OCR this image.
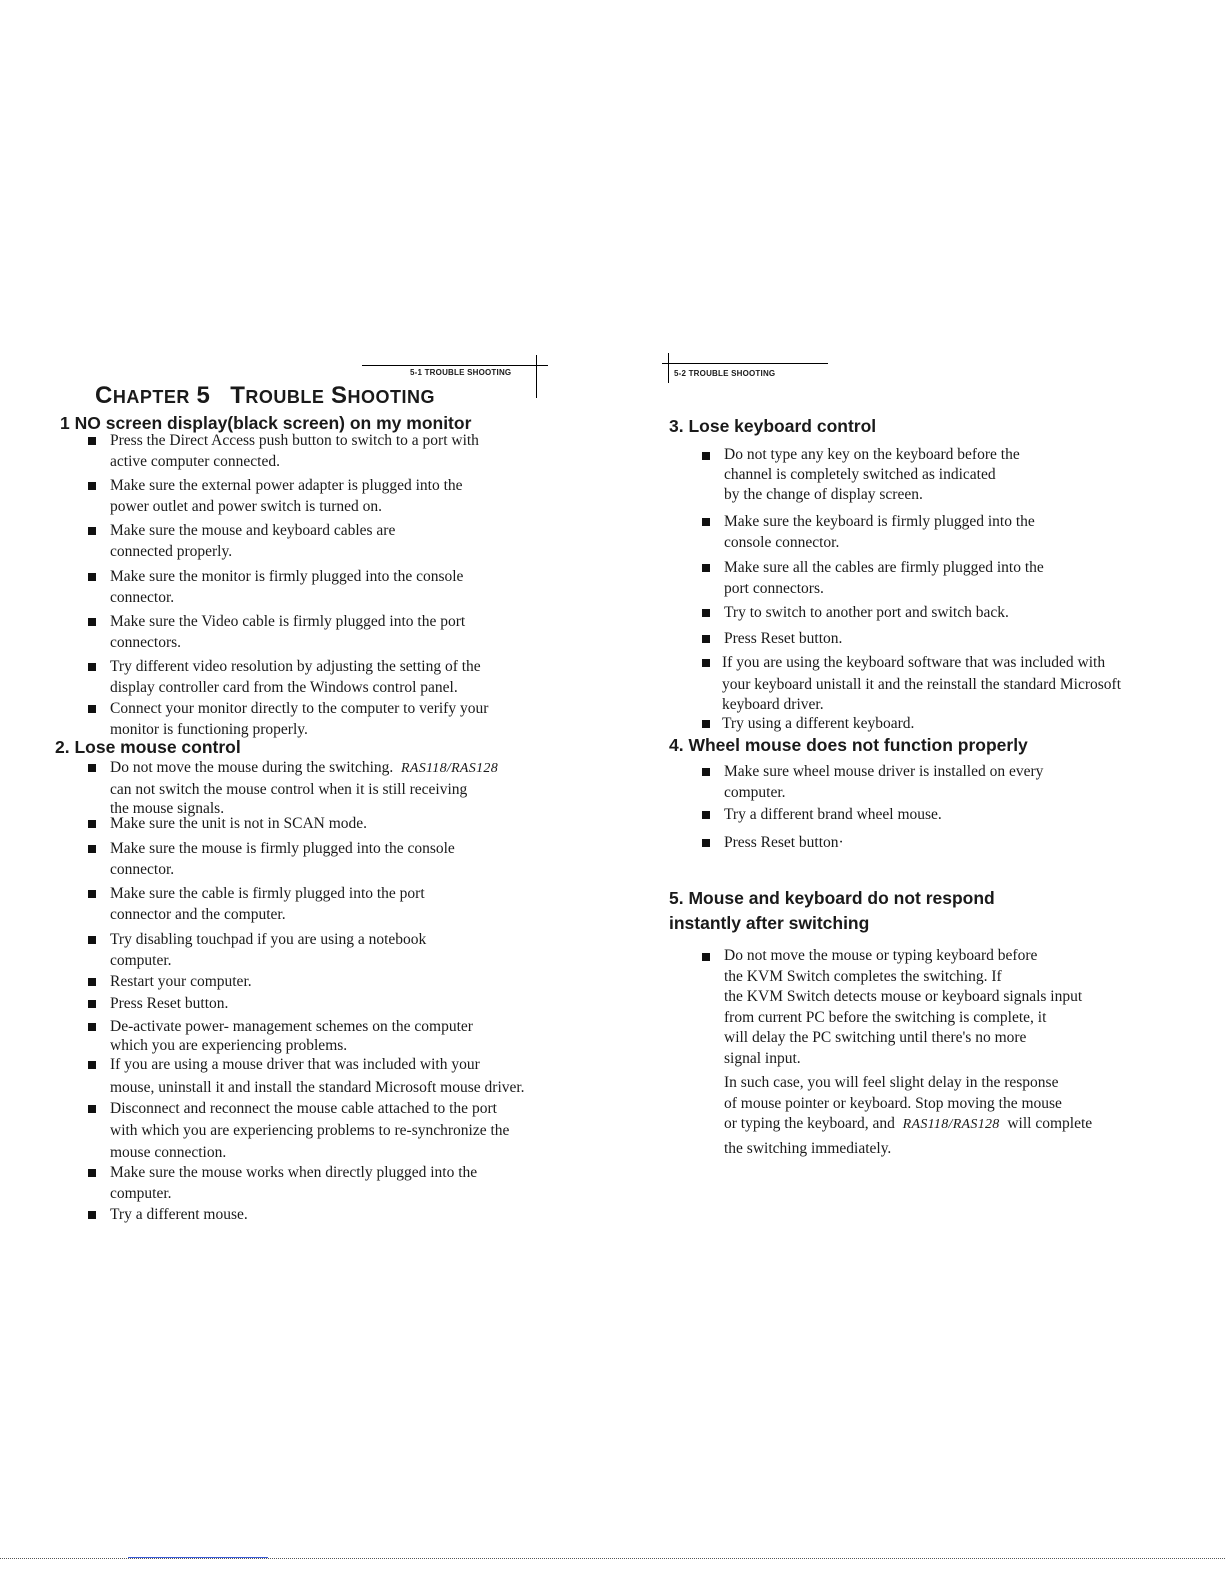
5-1 TROUBLE SHOOTING
CHAPTER 5 TROUBLE SHOOTING
1 NO screen display(black screen) on my monitor
Press the Direct Access push button to switch to a port with
active computer connected.
Make sure the external power adapter is plugged into the
power outlet and power switch is turned on.
Make sure the mouse and keyboard cables are
connected properly.
Make sure the monitor is firmly plugged into the console
connector.
Make sure the Video cable is firmly plugged into the port
connectors.
Try different video resolution by adjusting the setting of the
display controller card from the Windows control panel.
Connect your monitor directly to the computer to verify your
monitor is functioning properly.
2. Lose mouse control
Do not move the mouse during the switching. RAS118/RAS128
can not switch the mouse control when it is still receiving
the mouse signals.
Make sure the unit is not in SCAN mode.
Make sure the mouse is firmly plugged into the console
connector.
Make sure the cable is firmly plugged into the port
connector and the computer.
Try disabling touchpad if you are using a notebook
computer.
Restart your computer.
Press Reset button.
De-activate power- management schemes on the computer
which you are experiencing problems.
If you are using a mouse driver that was included with your
mouse, uninstall it and install the standard Microsoft mouse driver.
Disconnect and reconnect the mouse cable attached to the port
with which you are experiencing problems to re-synchronize the
mouse connection.
Make sure the mouse works when directly plugged into the
computer.
Try a different mouse.
5-2 TROUBLE SHOOTING
3. Lose keyboard control
Do not type any key on the keyboard before the
channel is completely switched as indicated
by the change of display screen.
Make sure the keyboard is firmly plugged into the
console connector.
Make sure all the cables are firmly plugged into the
port connectors.
Try to switch to another port and switch back.
Press Reset button.
If you are using the keyboard software that was included with
your keyboard unistall it and the reinstall the standard Microsoft
keyboard driver.
Try using a different keyboard.
4. Wheel mouse does not function properly
Make sure wheel mouse driver is installed on every
computer.
Try a different brand wheel mouse.
Press Reset button·
5. Mouse and keyboard do not respond
instantly after switching
Do not move the mouse or typing keyboard before
the KVM Switch completes the switching. If
the KVM Switch detects mouse or keyboard signals input
from current PC before the switching is complete, it
will delay the PC switching until there's no more
signal input.
In such case, you will feel slight delay in the response
of mouse pointer or keyboard. Stop moving the mouse
or typing the keyboard, and RAS118/RAS128 will complete
the switching immediately.
